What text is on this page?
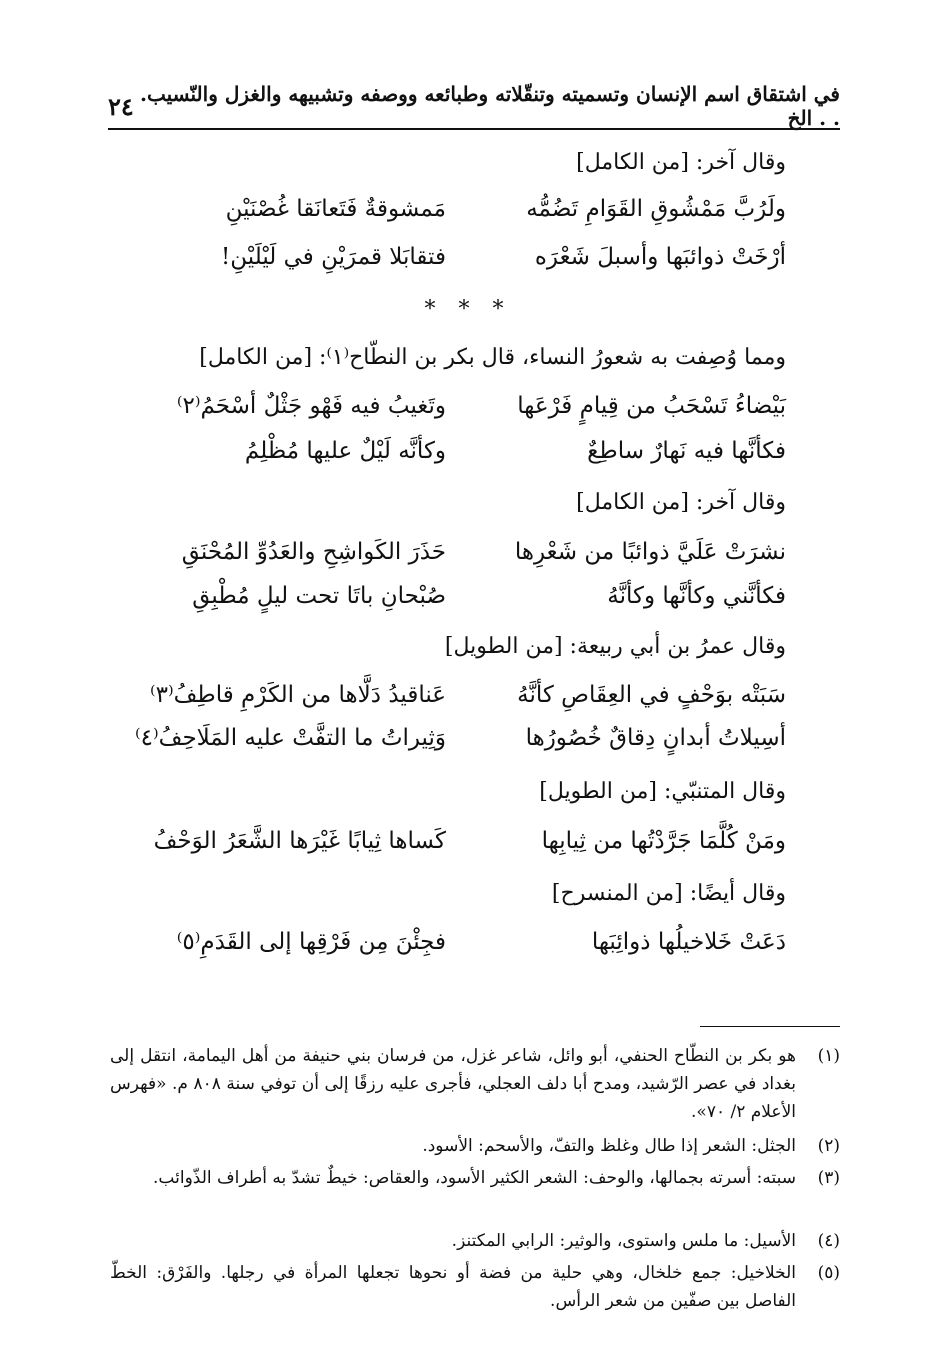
في اشتقاق اسم الإنسان وتسميته وتنقّلاته وطبائعه ووصفه وتشبيهه والغزل والنّسيب. . . الخ
٢٤
وقال آخر: [من الكامل]
ولَرُبَّ مَمْشُوقِ القَوَامِ تَضُمُّه
مَمشوقةٌ فَتَعانَقا غُصْنَيْنِ
أرْخَتْ ذوائبَها وأسبلَ شَعْرَه
فتقابَلا قمرَيْنِ في لَيْلَيْنِ!
* * *
ومما وُصِفت به شعورُ النساء، قال بكر بن النطّاح⁽١⁾: [من الكامل]
بَيْضاءُ تَسْحَبُ من قِيامٍ فَرْعَها
وتَغيبُ فيه فَهْو جَثْلٌ أسْحَمُ⁽٢⁾
فكأنَّها فيه نَهارٌ ساطِعٌ
وكأنَّه لَيْلٌ عليها مُظْلِمُ
وقال آخر: [من الكامل]
نشرَتْ عَلَيَّ ذوائبًا من شَعْرِها
حَذَرَ الكَواشِحِ والعَدُوِّ المُحْنَقِ
فكأنَّني وكأنَّها وكأنَّهُ
صُبْحانِ باتَا تحت ليلٍ مُطْبِقِ
وقال عمرُ بن أبي ربيعة: [من الطويل]
سَبَتْه بوَحْفٍ في العِقَاصِ كأنَّهُ
عَناقيدُ دَلَّاها من الكَرْمِ قاطِفُ⁽٣⁾
أسِيلاتُ أبدانٍ دِقاقٌ خُصُورُها
وَثِيراتُ ما التفَّتْ عليه المَلَاحِفُ⁽٤⁾
وقال المتنبّي: [من الطويل]
ومَنْ كُلَّمَا جَرَّدْتُها من ثِيابِها
كَساها ثِيابًا غَيْرَها الشَّعَرُ الوَحْفُ
وقال أيضًا: [من المنسرح]
دَعَتْ خَلاخيلُها ذوائِبَها
فجِئْنَ مِن فَرْقِها إلى القَدَمِ⁽٥⁾
(١)
هو بكر بن النطّاح الحنفي، أبو وائل، شاعر غزل، من فرسان بني حنيفة من أهل اليمامة، انتقل إلى بغداد في عصر الرّشيد، ومدح أبا دلف العجلي، فأجرى عليه رزقًا إلى أن توفي سنة ٨٠٨ م. «فهرس الأعلام ٢/ ٧٠».
(٢)
الجثل: الشعر إذا طال وغلظ والتفّ، والأسحم: الأسود.
(٣)
سبته: أسرته بجمالها، والوحف: الشعر الكثير الأسود، والعقاص: خيطٌ تشدّ به أطراف الذّوائب.
(٤)
الأسيل: ما ملس واستوى، والوثير: الرابي المكتنز.
(٥)
الخلاخيل: جمع خلخال، وهي حلية من فضة أو نحوها تجعلها المرأة في رجلها. والفَرْق: الخطّ الفاصل بين صفّين من شعر الرأس.
